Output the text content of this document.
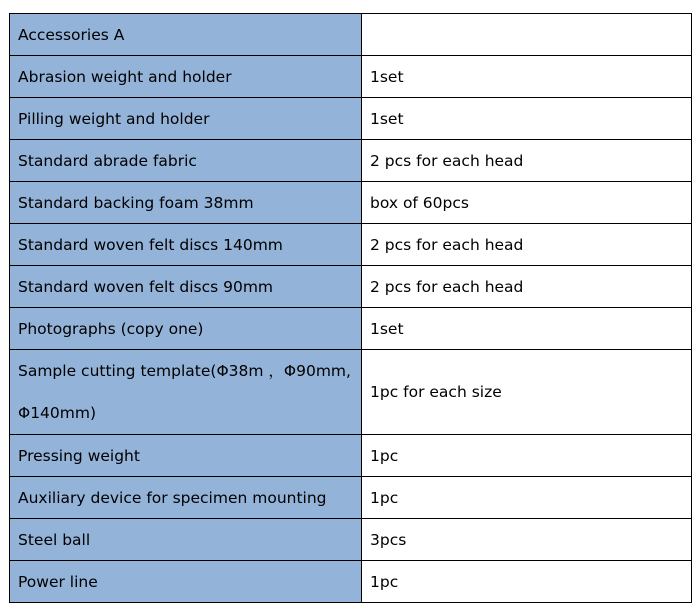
Accessories A	
Abrasion weight and holder	1set
Pilling weight and holder	1set
Standard abrade fabric	2 pcs for each head
Standard backing foam 38mm	box of 60pcs
Standard woven felt discs 140mm	2 pcs for each head
Standard woven felt discs 90mm	2 pcs for each head
Photographs (copy one)	1set
Sample cutting template(Φ38m ，Φ90mm, Φ140mm)	1pc for each size
Pressing weight	1pc
Auxiliary device for specimen mounting	1pc
Steel ball	3pcs
Power line	1pc
